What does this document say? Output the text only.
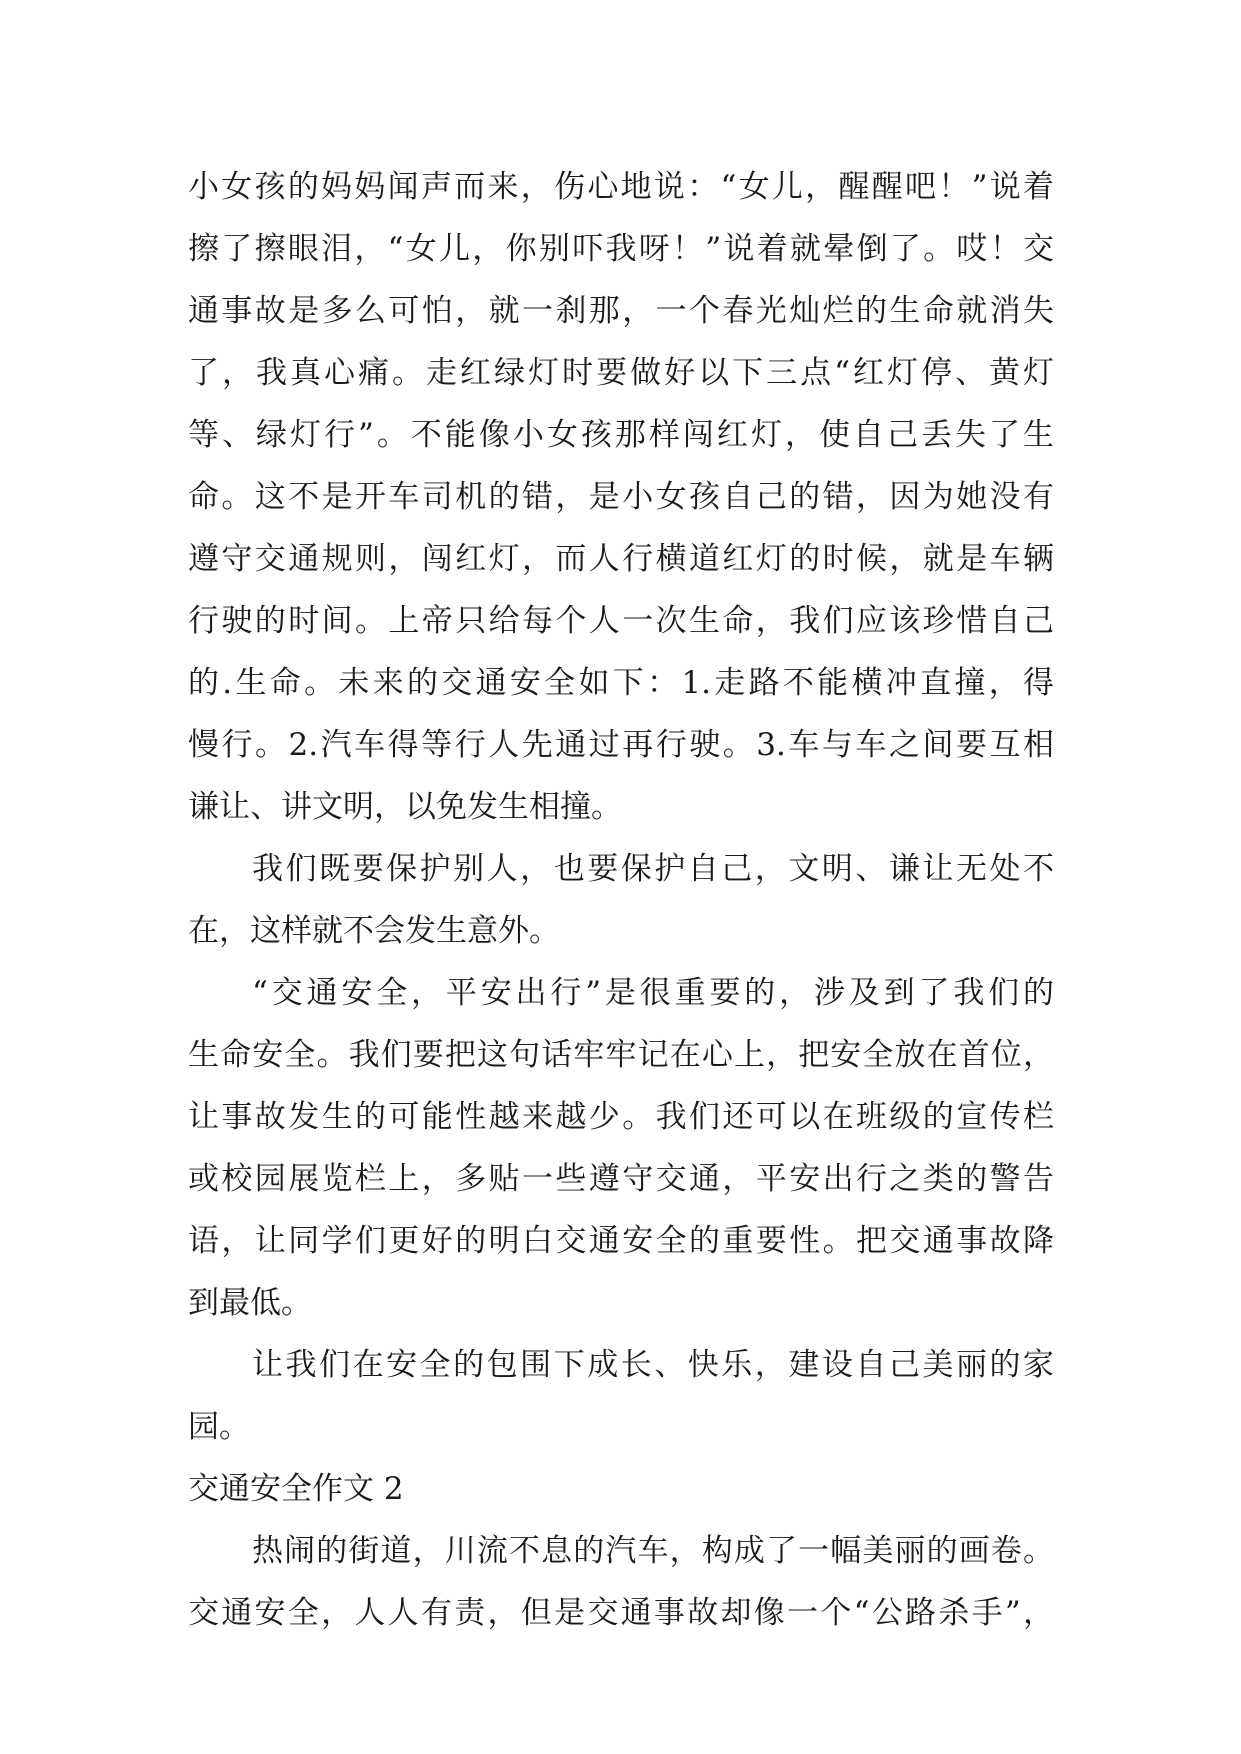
小女孩的妈妈闻声而来，伤心地说：“女儿，醒醒吧！”说着
擦了擦眼泪，“女儿，你别吓我呀！”说着就晕倒了。哎！交
通事故是多么可怕，就一刹那，一个春光灿烂的生命就消失
了，我真心痛。走红绿灯时要做好以下三点“红灯停、黄灯
等、绿灯行”。不能像小女孩那样闯红灯，使自己丢失了生
命。这不是开车司机的错，是小女孩自己的错，因为她没有
遵守交通规则，闯红灯，而人行横道红灯的时候，就是车辆
行驶的时间。上帝只给每个人一次生命，我们应该珍惜自己
的.生命。未来的交通安全如下：1.走路不能横冲直撞，得
慢行。2.汽车得等行人先通过再行驶。3.车与车之间要互相
谦让、讲文明，以免发生相撞。
我们既要保护别人，也要保护自己，文明、谦让无处不
在，这样就不会发生意外。
“交通安全，平安出行”是很重要的，涉及到了我们的
生命安全。我们要把这句话牢牢记在心上，把安全放在首位，
让事故发生的可能性越来越少。我们还可以在班级的宣传栏
或校园展览栏上，多贴一些遵守交通，平安出行之类的警告
语，让同学们更好的明白交通安全的重要性。把交通事故降
到最低。
让我们在安全的包围下成长、快乐，建设自己美丽的家
园。
交通安全作文 2
热闹的街道，川流不息的汽车，构成了一幅美丽的画卷。
交通安全，人人有责，但是交通事故却像一个“公路杀手”，
